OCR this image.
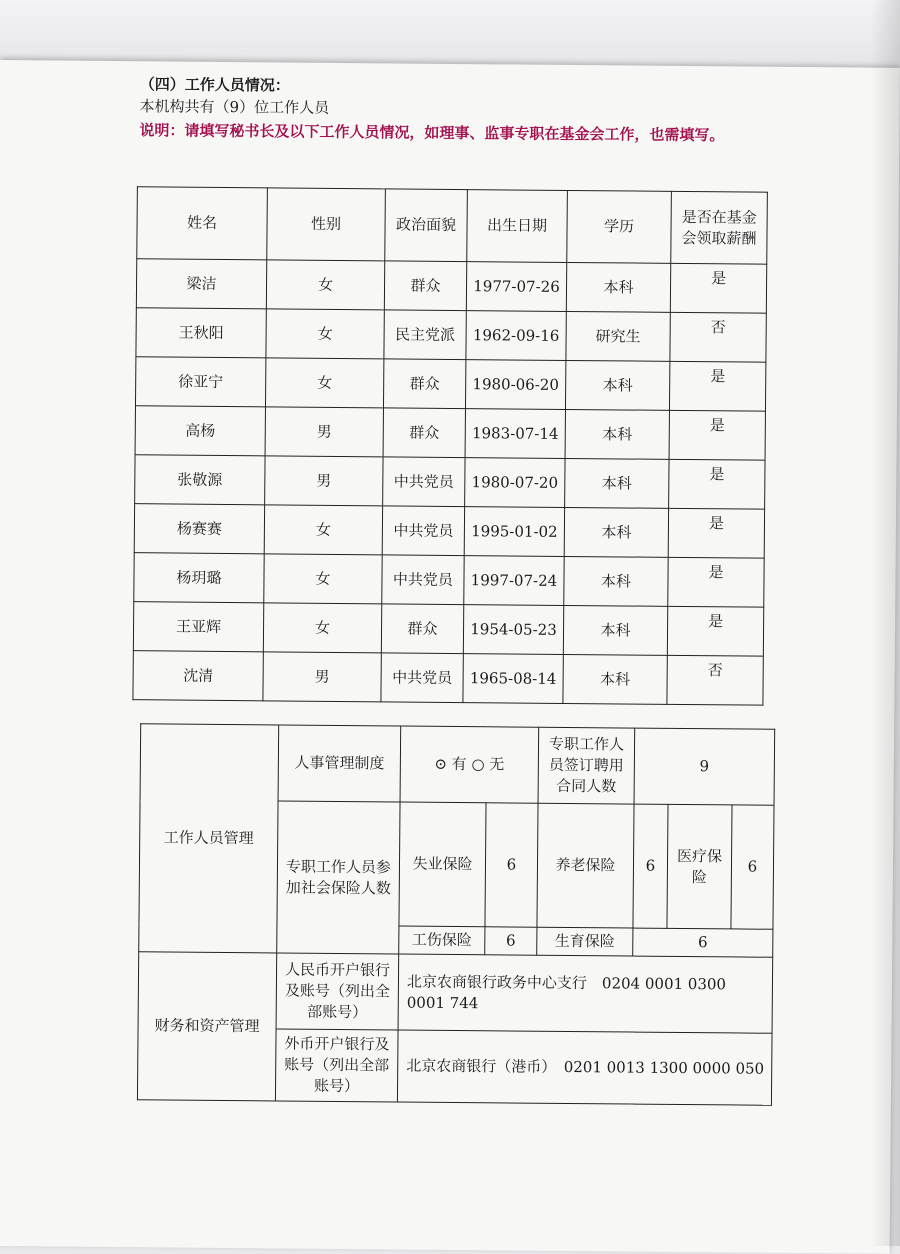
（四）工作人员情况：
本机构共有（9）位工作人员
说明：请填写秘书长及以下工作人员情况，如理事、监事专职在基金会工作，也需填写。
姓名	性别	政治面貌	出生日期	学历	是否在基金会领取薪酬
梁洁	女	群众	1977-07-26	本科	是
王秋阳	女	民主党派	1962-09-16	研究生	否
徐亚宁	女	群众	1980-06-20	本科	是
高杨	男	群众	1983-07-14	本科	是
张敬源	男	中共党员	1980-07-20	本科	是
杨赛赛	女	中共党员	1995-01-02	本科	是
杨玥璐	女	中共党员	1997-07-24	本科	是
王亚辉	女	群众	1954-05-23	本科	是
沈清	男	中共党员	1965-08-14	本科	否
工作人员管理	人事管理制度	⊙ 有 ○ 无		专职工作人员签订聘用合同人数	9		
	专职工作人员参加社会保险人数	失业保险	6	养老保险	6	医疗保险	6
		工伤保险	6	生育保险	6		
财务和资产管理	人民币开户银行及账号（列出全部账号）	北京农商银行政务中心支行　0204 0001 0300 0001 744					
	外币开户银行及账号（列出全部账号）	北京农商银行（港币）　0201 0013 1300 0000 050					
